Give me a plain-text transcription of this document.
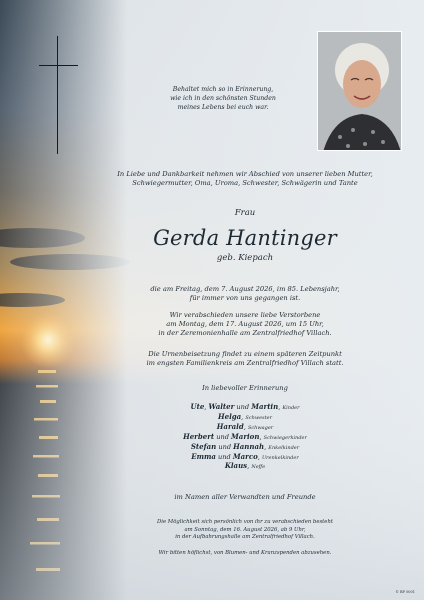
Behaltet mich so in Erinnerung,
wie ich in den schönsten Stunden
meines Lebens bei euch war.
In Liebe und Dankbarkeit nehmen wir Abschied von unserer lieben Mutter,
Schwiegermutter, Oma, Uroma, Schwester, Schwägerin und Tante
Frau
Gerda Hantinger
geb. Kiepach
die am Freitag, dem 7. August 2026, im 85. Lebensjahr,
für immer von uns gegangen ist.
Wir verabschieden unsere liebe Verstorbene
am Montag, dem 17. August 2026, um 15 Uhr,
in der Zeremonienhalle am Zentralfriedhof Villach.
Die Urnenbeisetzung findet zu einem späteren Zeitpunkt
im engsten Familienkreis am Zentralfriedhof Villach statt.
In liebevoller Erinnerung
Ute, Walter und Martin, Kinder
Helga, Schwester
Harald, Schwager
Herbert und Marion, Schwiegerkinder
Stefan und Hannah, Enkelkinder
Emma und Marco, Urenkelkinder
Klaus, Neffe
im Namen aller Verwandten und Freunde
Die Möglichkeit sich persönlich von ihr zu verabschieden besteht
am Sonntag, dem 16. August 2026, ab 9 Uhr,
in der Aufbahrungshalle am Zentralfriedhof Villach.
Wir bitten höflichst, von Blumen- und Kranzspenden abzusehen.
© BF 0001
